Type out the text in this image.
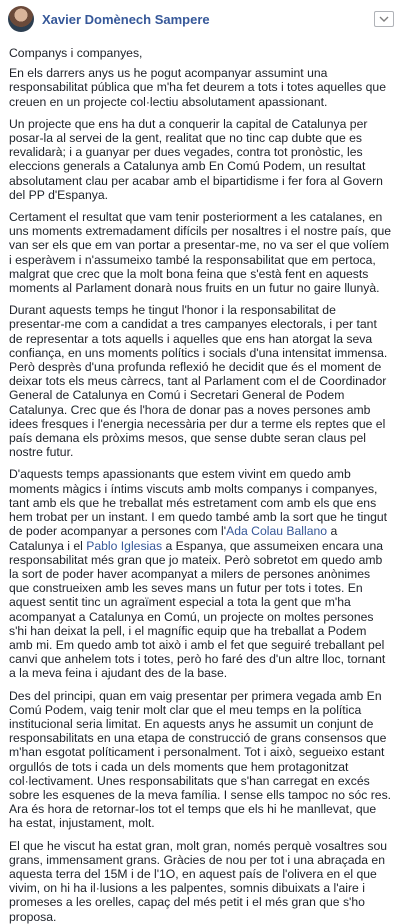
Xavier Domènech Sampere

Companys i companyes,

En els darrers anys us he pogut acompanyar assumint una responsabilitat pública que m'ha fet deurem a tots i totes aquelles que creuen en un projecte col·lectiu absolutament apassionant.

Un projecte que ens ha dut a conquerir la capital de Catalunya per posar-la al servei de la gent, realitat que no tinc cap dubte que es revalidarà; i a guanyar per dues vegades, contra tot pronòstic, les eleccions generals a Catalunya amb En Comú Podem, un resultat absolutament clau per acabar amb el bipartidisme i fer fora al Govern del PP d'Espanya.

Certament el resultat que vam tenir posteriorment a les catalanes, en uns moments extremadament difícils per nosaltres i el nostre país, que van ser els que em van portar a presentar-me, no va ser el que volíem i esperàvem i n'assumeixo també la responsabilitat que em pertoca, malgrat que crec que la molt bona feina que s'està fent en aquests moments al Parlament donarà nous fruits en un futur no gaire llunyà.

Durant aquests temps he tingut l'honor i la responsabilitat de presentar-me com a candidat a tres campanyes electorals, i per tant de representar a tots aquells i aquelles que ens han atorgat la seva confiança, en uns moments polítics i socials d'una intensitat immensa. Però desprès d'una profunda reflexió he decidit que és el moment de deixar tots els meus càrrecs, tant al Parlament com el de Coordinador General de Catalunya en Comú i Secretari General de Podem Catalunya. Crec que és l'hora de donar pas a noves persones amb idees fresques i l'energia necessària per dur a terme els reptes que el país demana els pròxims mesos, que sense dubte seran claus pel nostre futur.

D'aquests temps apassionants que estem vivint em quedo amb moments màgics i íntims viscuts amb molts companys i companyes, tant amb els que he treballat més estretament com amb els que ens hem trobat per un instant. I em quedo també amb la sort que he tingut de poder acompanyar a persones com l'Ada Colau Ballano a Catalunya i el Pablo Iglesias a Espanya, que assumeixen encara una responsabilitat més gran que jo mateix. Però sobretot em quedo amb la sort de poder haver acompanyat a milers de persones anònimes que construeixen amb les seves mans un futur per tots i totes. En aquest sentit tinc un agraïment especial a tota la gent que m'ha acompanyat a Catalunya en Comú, un projecte on moltes persones s'hi han deixat la pell, i el magnífic equip que ha treballat a Podem amb mi. Em quedo amb tot això i amb el fet que seguiré treballant pel canvi que anhelem tots i totes, però ho faré des d'un altre lloc, tornant a la meva feina i ajudant des de la base.

Des del principi, quan em vaig presentar per primera vegada amb En Comú Podem, vaig tenir molt clar que el meu temps en la política institucional seria limitat. En aquests anys he assumit un conjunt de responsabilitats en una etapa de construcció de grans consensos que m'han esgotat políticament i personalment. Tot i això, segueixo estant orgullós de tots i cada un dels moments que hem protagonitzat col·lectivament. Unes responsabilitats que s'han carregat en excés sobre les esquenes de la meva família. I sense ells tampoc no sóc res. Ara és hora de retornar-los tot el temps que els hi he manllevat, que ha estat, injustament, molt.

El que he viscut ha estat gran, molt gran, només perquè vosaltres sou grans, immensament grans. Gràcies de nou per tot i una abraçada en aquesta terra del 15M i de l'1O, en aquest país de l'olivera en el que vivim, on hi ha il·lusions a les palpentes, somnis dibuixats a l'aire i promeses a les orelles, capaç del més petit i el més gran que s'ho proposa.
